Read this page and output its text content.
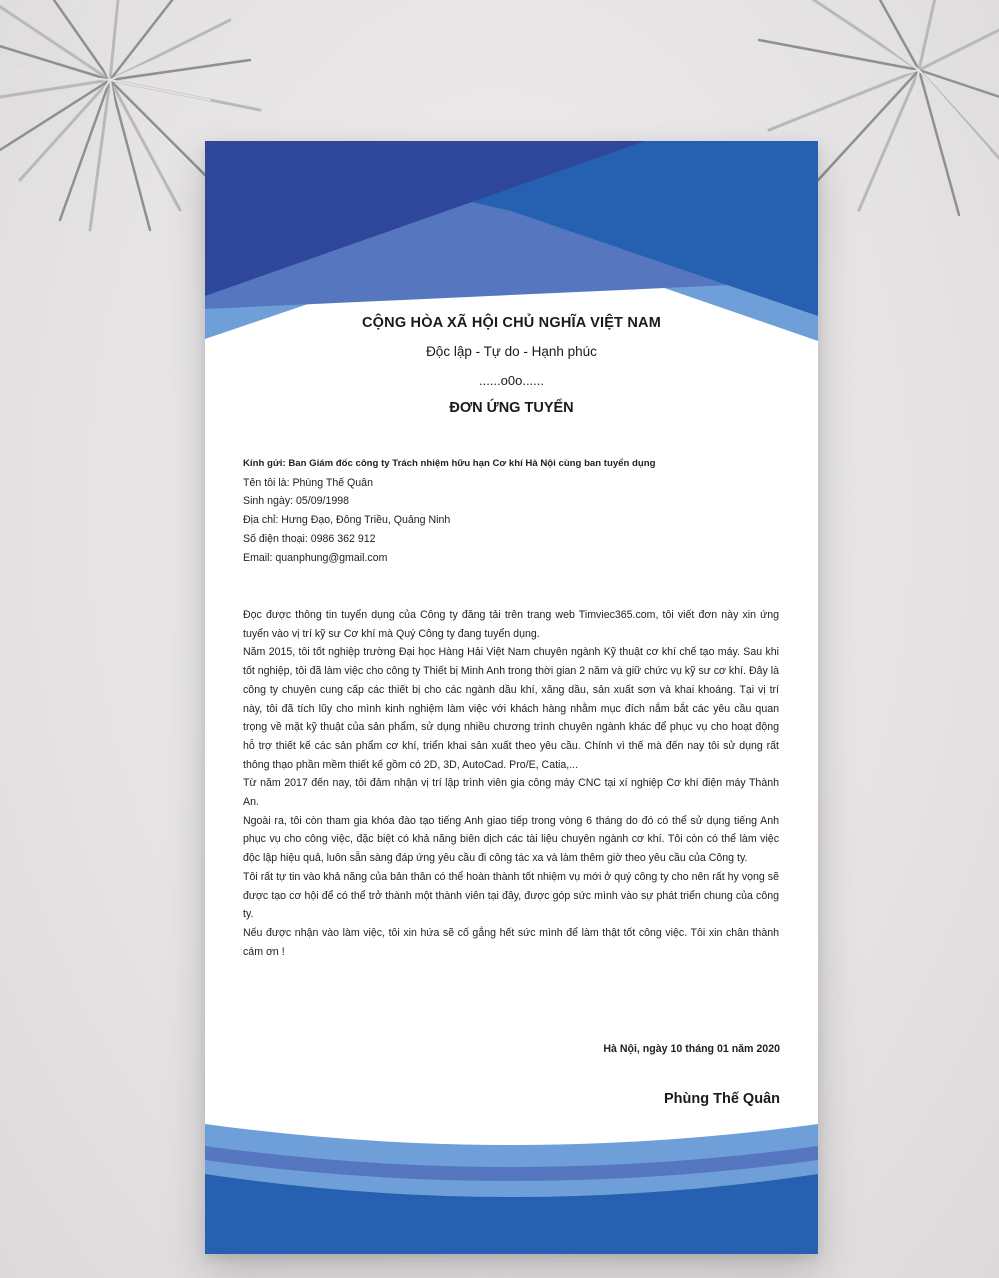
CỘNG HÒA XÃ HỘI CHỦ NGHĨA VIỆT NAM
Độc lập - Tự do - Hạnh phúc
......o0o......
ĐƠN ỨNG TUYỂN
Kính gửi: Ban Giám đốc công ty Trách nhiệm hữu hạn Cơ khí Hà Nội cùng ban tuyển dụng
Tên tôi là: Phùng Thế Quân
Sinh ngày: 05/09/1998
Địa chỉ: Hưng Đạo, Đông Triều, Quảng Ninh
Số điện thoại: 0986 362 912
Email: quanphung@gmail.com

Đọc được thông tin tuyển dụng của Công ty đăng tải trên trang web Timviec365.com, tôi viết đơn này xin ứng tuyển vào vị trí kỹ sư Cơ khí mà Quý Công ty đang tuyển dụng.

Năm 2015, tôi tốt nghiệp trường Đại học Hàng Hải Việt Nam chuyên ngành Kỹ thuật cơ khí chế tạo máy. Sau khi tốt nghiệp, tôi đã làm việc cho công ty Thiết bị Minh Anh trong thời gian 2 năm và giữ chức vụ kỹ sư cơ khí. Đây là công ty chuyên cung cấp các thiết bị cho các ngành dầu khí, xăng dầu, sản xuất sơn và khai khoáng. Tại vị trí này, tôi đã tích lũy cho mình kinh nghiệm làm việc với khách hàng nhằm mục đích nắm bắt các yêu cầu quan trọng về mặt kỹ thuật của sản phẩm, sử dụng nhiều chương trình chuyên ngành khác để phục vụ cho hoạt động hỗ trợ thiết kế các sản phẩm cơ khí, triển khai sản xuất theo yêu cầu. Chính vì thế mà đến nay tôi sử dụng rất thông thạo phần mềm thiết kế gồm có 2D, 3D, AutoCad. Pro/E, Catia,...

Từ năm 2017 đến nay, tôi đảm nhận vị trí lập trình viên gia công máy CNC tại xí nghiệp Cơ khí điện máy Thành An.

Ngoài ra, tôi còn tham gia khóa đào tạo tiếng Anh giao tiếp trong vòng 6 tháng do đó có thể sử dụng tiếng Anh phục vụ cho công việc, đặc biệt có khả năng biên dịch các tài liệu chuyên ngành cơ khí. Tôi còn có thể làm việc độc lập hiệu quả, luôn sẵn sàng đáp ứng yêu cầu đi công tác xa và làm thêm giờ theo yêu cầu của Công ty.

Tôi rất tự tin vào khả năng của bản thân có thể hoàn thành tốt nhiệm vụ mới ở quý công ty cho nên rất hy vọng sẽ được tạo cơ hội để có thể trở thành một thành viên tại đây, được góp sức mình vào sự phát triển chung của công ty.

Nếu được nhận vào làm việc, tôi xin hứa sẽ cố gắng hết sức mình để làm thật tốt công việc. Tôi xin chân thành cám ơn !

Hà Nội, ngày 10 tháng 01 năm 2020
Phùng Thế Quân
